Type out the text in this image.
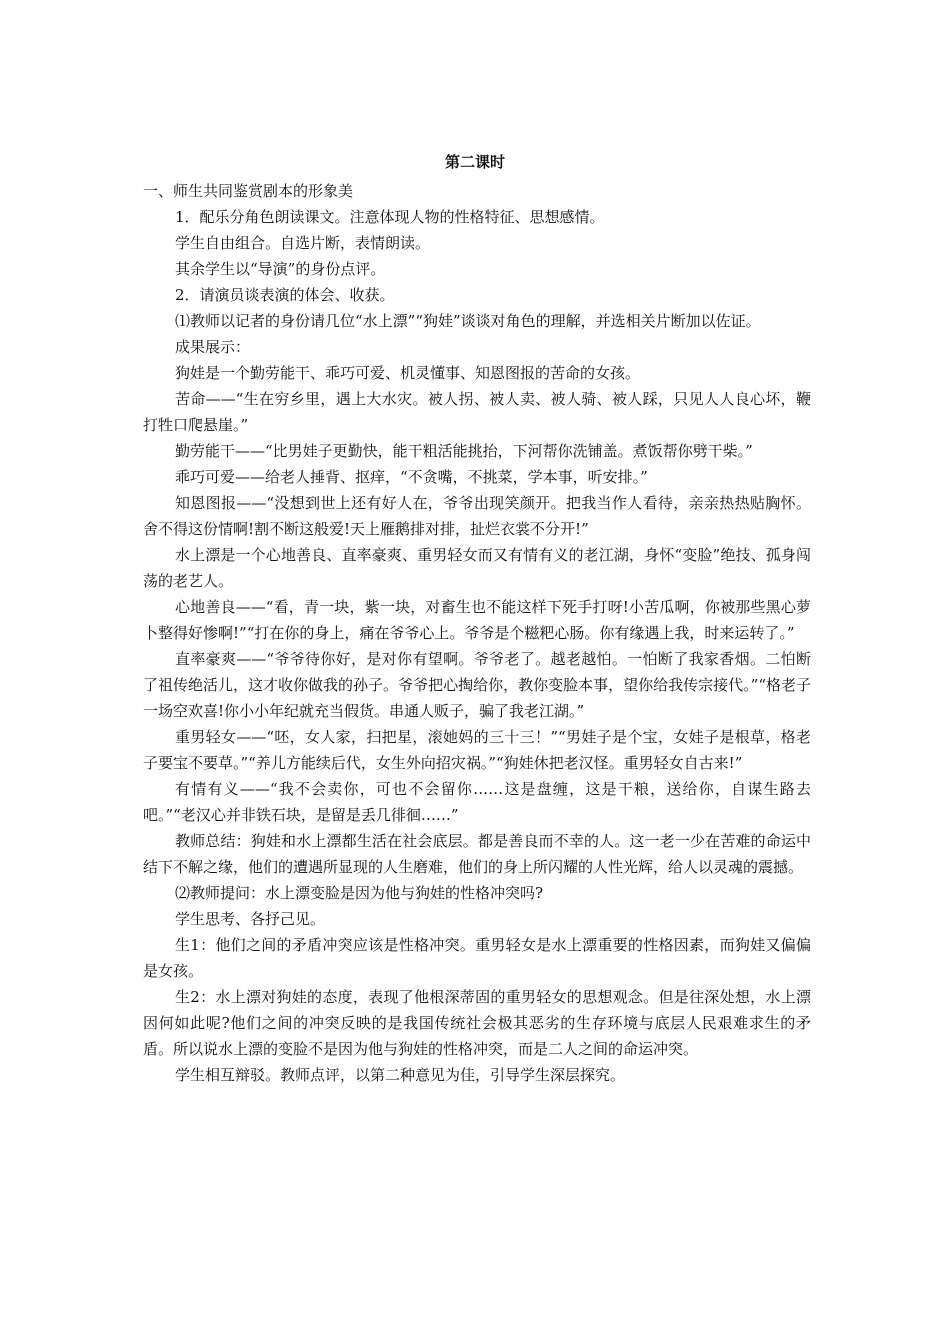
第二课时

一、师生共同鉴赏剧本的形象美

1．配乐分角色朗读课文。注意体现人物的性格特征、思想感情。

学生自由组合。自选片断，表情朗读。

其余学生以“导演”的身份点评。

2．请演员谈表演的体会、收获。

⑴教师以记者的身份请几位“水上漂”“狗娃”谈谈对角色的理解，并选相关片断加以佐证。

成果展示：

狗娃是一个勤劳能干、乖巧可爱、机灵懂事、知恩图报的苦命的女孩。

苦命——“生在穷乡里，遇上大水灾。被人拐、被人卖、被人骑、被人踩，只见人人良心坏，鞭打牲口爬悬崖。”

勤劳能干——“比男娃子更勤快，能干粗活能挑抬，下河帮你洗铺盖。煮饭帮你劈干柴。”

乖巧可爱——给老人捶背、抠痒，“不贪嘴，不挑菜，学本事，听安排。”

知恩图报——“没想到世上还有好人在，爷爷出现笑颜开。把我当作人看待，亲亲热热贴胸怀。舍不得这份情啊!割不断这般爱!天上雁鹅排对排，扯烂衣裳不分开!”

水上漂是一个心地善良、直率豪爽、重男轻女而又有情有义的老江湖，身怀“变脸”绝技、孤身闯荡的老艺人。

心地善良——“看，青一块，紫一块，对畜生也不能这样下死手打呀!小苦瓜啊，你被那些黑心萝卜整得好惨啊!”“打在你的身上，痛在爷爷心上。爷爷是个糍粑心肠。你有缘遇上我，时来运转了。”

直率豪爽——“爷爷待你好，是对你有望啊。爷爷老了。越老越怕。一怕断了我家香烟。二怕断了祖传绝活儿，这才收你做我的孙子。爷爷把心掏给你，教你变脸本事，望你给我传宗接代。”“格老子一场空欢喜!你小小年纪就充当假货。串通人贩子，骗了我老江湖。”

重男轻女——“呸，女人家，扫把星，滚她妈的三十三！”“男娃子是个宝，女娃子是根草，格老子要宝不要草。”“养儿方能续后代，女生外向招灾祸。”“狗娃休把老汉怪。重男轻女自古来!”

有情有义——“我不会卖你，可也不会留你……这是盘缠，这是干粮，送给你，自谋生路去吧。”“老汉心并非铁石块，是留是丢几徘徊……”

教师总结：狗娃和水上漂都生活在社会底层。都是善良而不幸的人。这一老一少在苦难的命运中结下不解之缘，他们的遭遇所显现的人生磨难，他们的身上所闪耀的人性光辉，给人以灵魂的震撼。

⑵教师提问：水上漂变脸是因为他与狗娃的性格冲突吗?

学生思考、各抒己见。

生1：他们之间的矛盾冲突应该是性格冲突。重男轻女是水上漂重要的性格因素，而狗娃又偏偏是女孩。

生2：水上漂对狗娃的态度，表现了他根深蒂固的重男轻女的思想观念。但是往深处想，水上漂因何如此呢?他们之间的冲突反映的是我国传统社会极其恶劣的生存环境与底层人民艰难求生的矛盾。所以说水上漂的变脸不是因为他与狗娃的性格冲突，而是二人之间的命运冲突。

学生相互辩驳。教师点评，以第二种意见为佳，引导学生深层探究。
